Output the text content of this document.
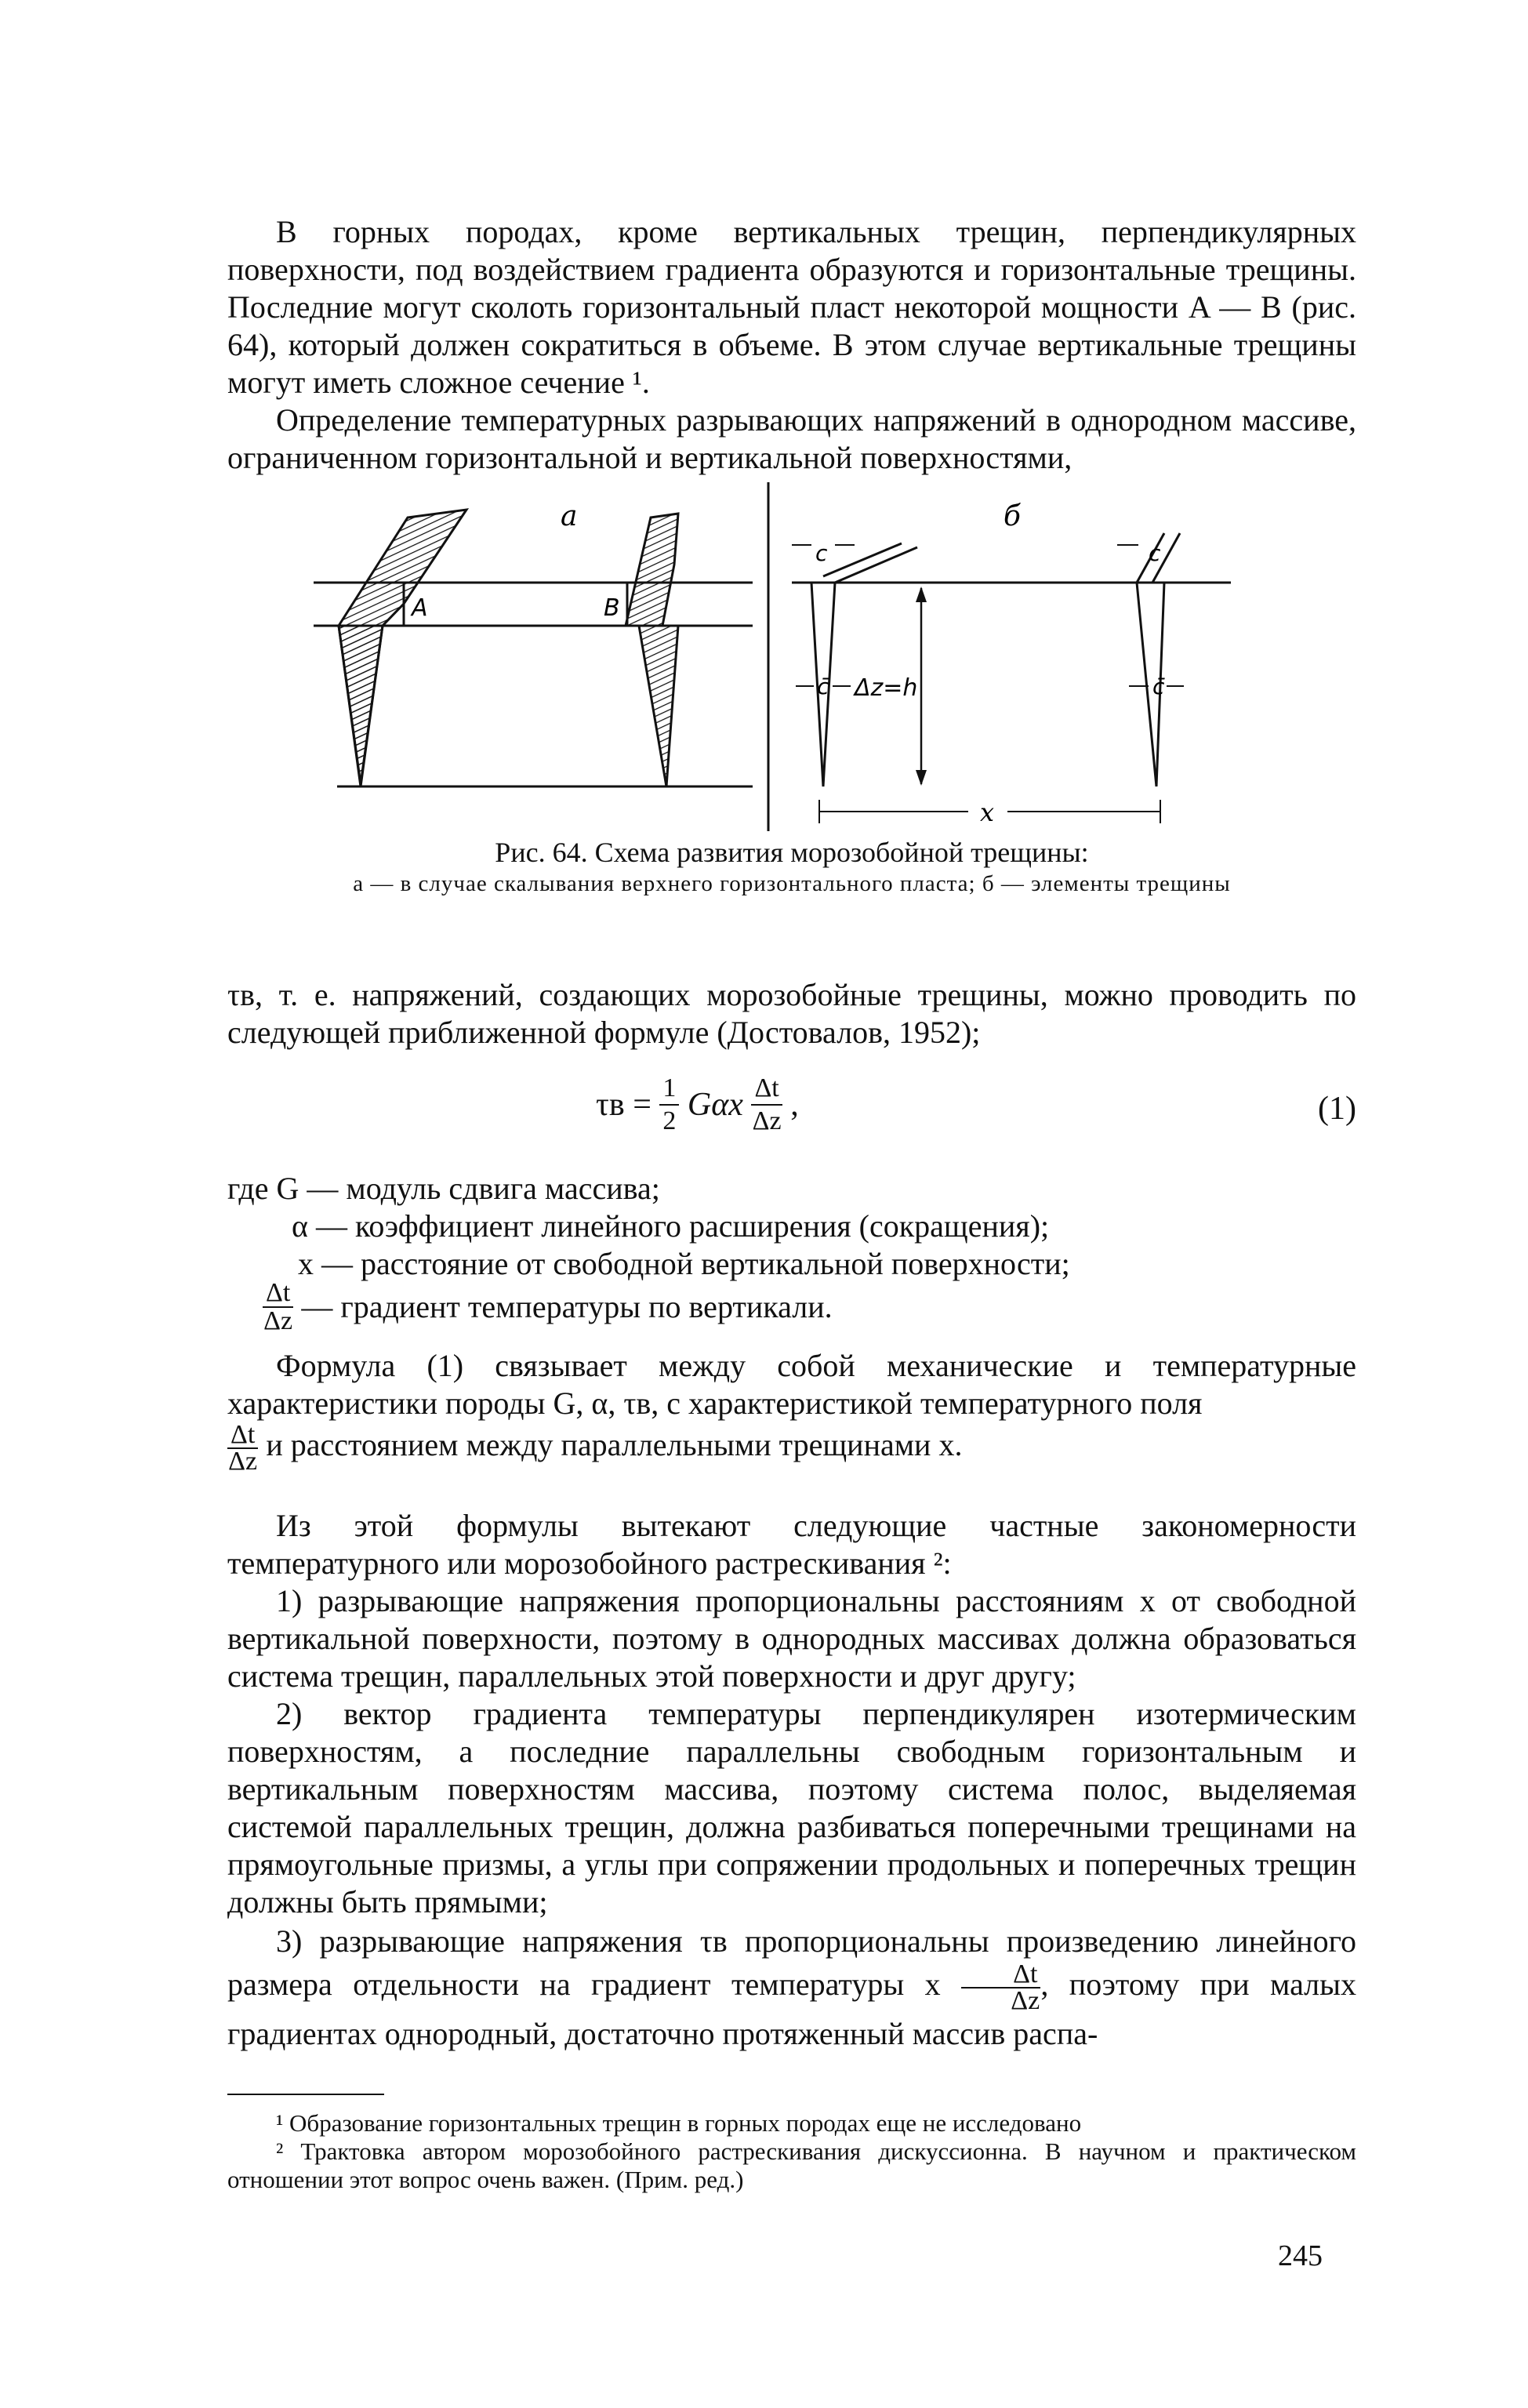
В горных породах, кроме вертикальных трещин, перпендикулярных поверхности, под воздействием градиента образуются и горизонтальные трещины. Последние могут сколоть горизонтальный пласт некоторой мощности A — B (рис. 64), который должен сократиться в объеме. В этом случае вертикальные трещины могут иметь сложное сечение ¹.

Определение температурных разрывающих напряжений в однородном массиве, ограниченном горизонтальной и вертикальной поверхностями,

а
A	B
б
c	c
c̄	c̄
Δz=h
x
Рис. 64. Схема развития морозобойной трещины:
а — в случае скалывания верхнего горизонтального пласта; б — элементы трещины

τв, т. е. напряжений, создающих морозобойные трещины, можно проводить по следующей приближенной формуле (Достовалов, 1952);

$\tau в = \frac{1}{2}$ Gαx $\frac{\Delta t}{\Delta z}$ ,	(1)
где G — модуль сдвига массива;
α — коэффициент линейного расширения (сокращения);
x — расстояние от свободной вертикальной поверхности;
$\frac{\Delta t}{\Delta z}$ — градиент температуры по вертикали.

Формула (1) связывает между собой механические и температурные характеристики породы G, α, τв, с характеристикой температурного поля

$\frac{\Delta t}{\Delta z}$ и расстоянием между параллельными трещинами x.

Из этой формулы вытекают следующие частные закономерности температурного или морозобойного растрескивания ²:

1) разрывающие напряжения пропорциональны расстояниям x от свободной вертикальной поверхности, поэтому в однородных массивах должна образоваться система трещин, параллельных этой поверхности и друг другу;

2) вектор градиента температуры перпендикулярен изотермическим поверхностям, а последние параллельны свободным горизонтальным и вертикальным поверхностям массива, поэтому система полос, выделяемая системой параллельных трещин, должна разбиваться поперечными трещинами на прямоугольные призмы, а углы при сопряжении продольных и поперечных трещин должны быть прямыми;

3) разрывающие напряжения τв пропорциональны произведению линейного размера отдельности на градиент температуры x $\frac{\Delta t}{\Delta z}$ , поэтому при малых градиентах однородный, достаточно протяженный массив распа-

¹ Образование горизонтальных трещин в горных породах еще не исследовано

² Трактовка автором морозобойного растрескивания дискуссионна. В научном и практическом отношении этот вопрос очень важен. (Прим. ред.)

245
